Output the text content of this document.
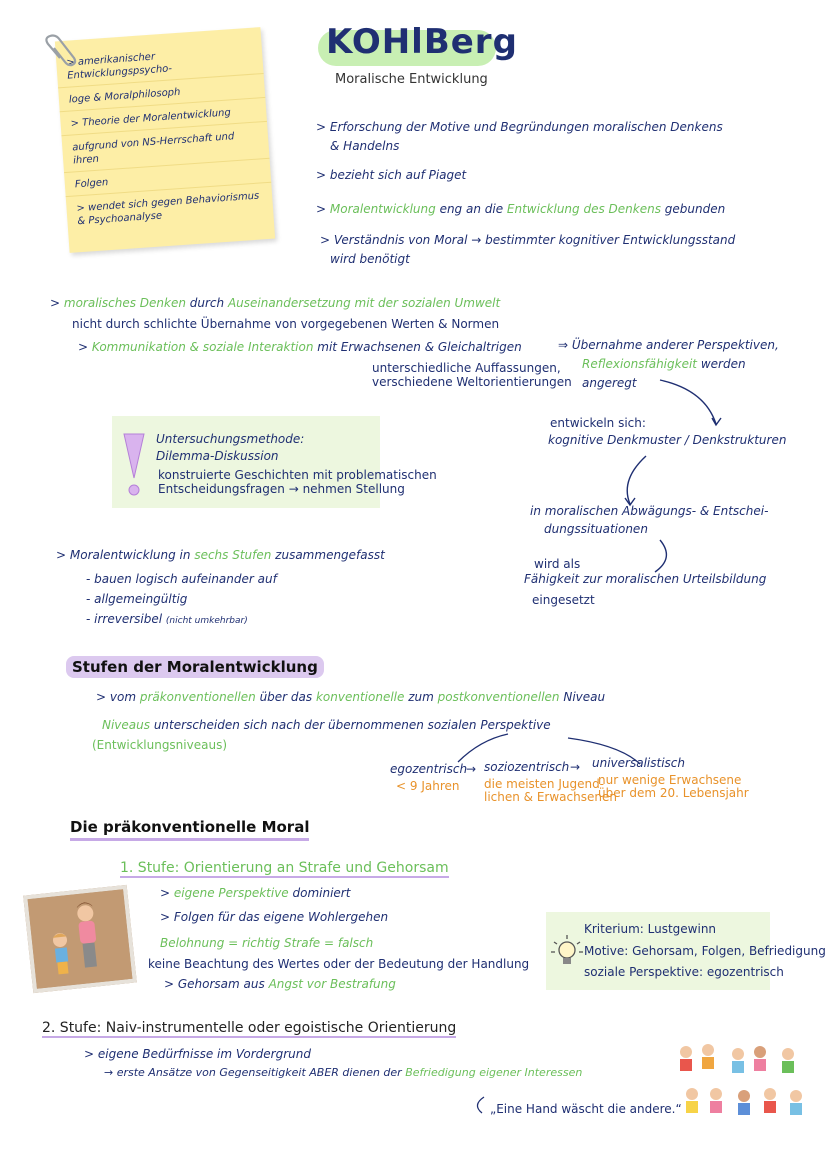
KOHlBerg
Moralische Entwicklung
> amerikanischer Entwicklungspsycho-
loge & Moralphilosoph
> Theorie der Moralentwicklung
aufgrund von NS-Herrschaft und ihren
Folgen
> wendet sich gegen Behaviorismus & Psychoanalyse
> Erforschung der Motive und Begründungen moralischen Denkens
& Handelns
> bezieht sich auf Piaget
> Moralentwicklung eng an die Entwicklung des Denkens gebunden
> Verständnis von Moral → bestimmter kognitiver Entwicklungsstand
wird benötigt
> moralisches Denken durch Auseinandersetzung mit der sozialen Umwelt
nicht durch schlichte Übernahme von vorgegebenen Werten & Normen
> Kommunikation & soziale Interaktion mit Erwachsenen & Gleichaltrigen
unterschiedliche Auffassungen,
verschiedene Weltorientierungen
⇒ Übernahme anderer Perspektiven,
Reflexionsfähigkeit werden
angeregt
entwickeln sich:
kognitive Denkmuster / Denkstrukturen
in moralischen Abwägungs- & Entschei-
dungssituationen
wird als
Fähigkeit zur moralischen Urteilsbildung
eingesetzt
Untersuchungsmethode:
Dilemma-Diskussion
konstruierte Geschichten mit problematischen
Entscheidungsfragen → nehmen Stellung
> Moralentwicklung in sechs Stufen zusammengefasst
- bauen logisch aufeinander auf
- allgemeingültig
- irreversibel (nicht umkehrbar)
Stufen der Moralentwicklung
> vom präkonventionellen über das konventionelle zum postkonventionellen Niveau
Niveaus unterscheiden sich nach der übernommenen sozialen Perspektive
(Entwicklungsniveaus)
egozentrisch
→ soziozentrisch → universalistisch
< 9 Jahren die meisten Jugend-
lichen & Erwachsenen
nur wenige Erwachsene
über dem 20. Lebensjahr
Die präkonventionelle Moral
1. Stufe: Orientierung an Strafe und Gehorsam
> eigene Perspektive dominiert
> Folgen für das eigene Wohlergehen
Belohnung = richtig Strafe = falsch
keine Beachtung des Wertes oder der Bedeutung der Handlung
> Gehorsam aus Angst vor Bestrafung
Kriterium: Lustgewinn
Motive: Gehorsam, Folgen, Befriedigung
soziale Perspektive: egozentrisch
2. Stufe: Naiv-instrumentelle oder egoistische Orientierung
> eigene Bedürfnisse im Vordergrund
→ erste Ansätze von Gegenseitigkeit ABER dienen der Befriedigung eigener Interessen
„Eine Hand wäscht die andere.“
